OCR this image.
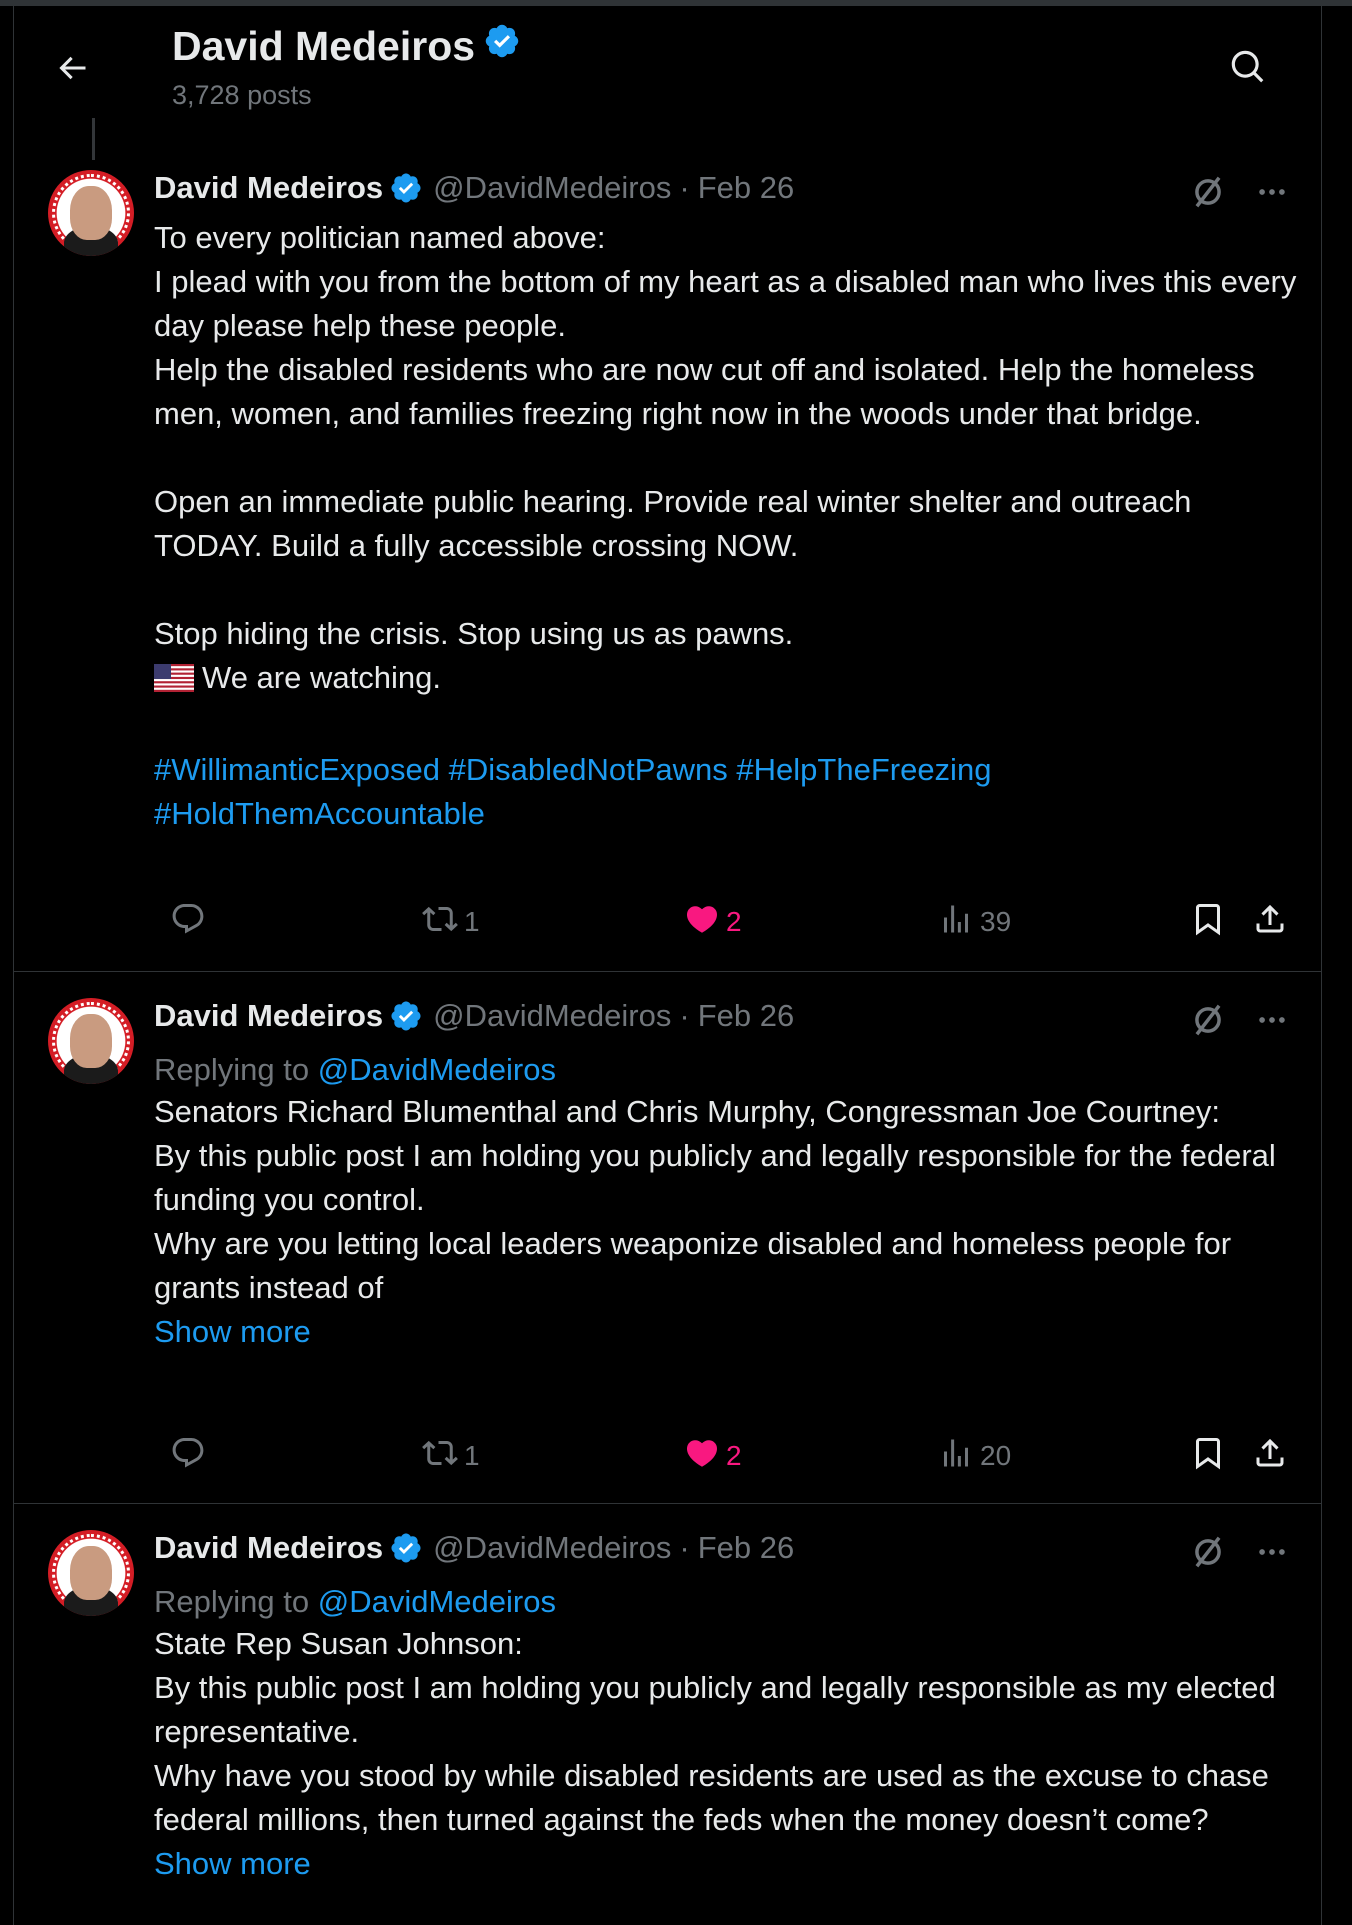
David Medeiros
3,728 posts
David Medeiros @DavidMedeiros · Feb 26

To every politician named above:

I plead with you from the bottom of my heart as a disabled man who lives this every day please help these people.

Help the disabled residents who are now cut off and isolated. Help the homeless men, women, and families freezing right now in the woods under that bridge.

Open an immediate public hearing. Provide real winter shelter and outreach TODAY. Build a fully accessible crossing NOW.

Stop hiding the crisis. Stop using us as pawns.

We are watching.

#WillimanticExposed #DisabledNotPawns #HelpTheFreezing #HoldThemAccountable

1	2	39
David Medeiros @DavidMedeiros · Feb 26
Replying to @DavidMedeiros

Senators Richard Blumenthal and Chris Murphy, Congressman Joe Courtney:

By this public post I am holding you publicly and legally responsible for the federal funding you control.

Why are you letting local leaders weaponize disabled and homeless people for grants instead of

Show more

1	2	20
David Medeiros @DavidMedeiros · Feb 26
Replying to @DavidMedeiros

State Rep Susan Johnson:

By this public post I am holding you publicly and legally responsible as my elected representative.

Why have you stood by while disabled residents are used as the excuse to chase federal millions, then turned against the feds when the money doesn’t come?

Show more
